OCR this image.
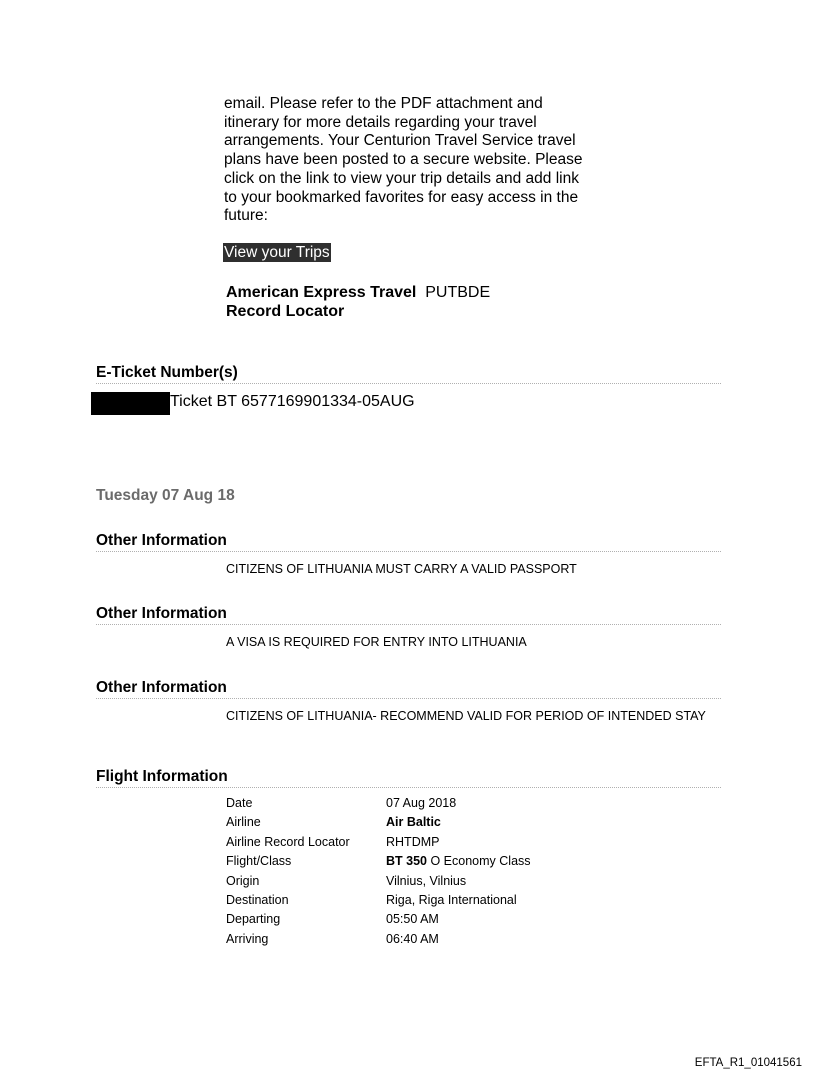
email. Please refer to the PDF attachment and itinerary for more details regarding your travel arrangements. Your Centurion Travel Service travel plans have been posted to a secure website. Please click on the link to view your trip details and add link to your bookmarked favorites for easy access in the future:

View your Trips
American Express Travel PUTBDE
Record Locator
E-Ticket Number(s)
Ticket BT 6577169901334-05AUG
Tuesday 07 Aug 18
Other Information
CITIZENS OF LITHUANIA MUST CARRY A VALID PASSPORT
Other Information
A VISA IS REQUIRED FOR ENTRY INTO LITHUANIA
Other Information
CITIZENS OF LITHUANIA- RECOMMEND VALID FOR PERIOD OF INTENDED STAY
Flight Information
Date	07 Aug 2018
Airline	Air Baltic
Airline Record Locator	RHTDMP
Flight/Class	BT 350 O Economy Class
Origin	Vilnius, Vilnius
Destination	Riga, Riga International
Departing	05:50 AM
Arriving	06:40 AM
EFTA_R1_01041561
